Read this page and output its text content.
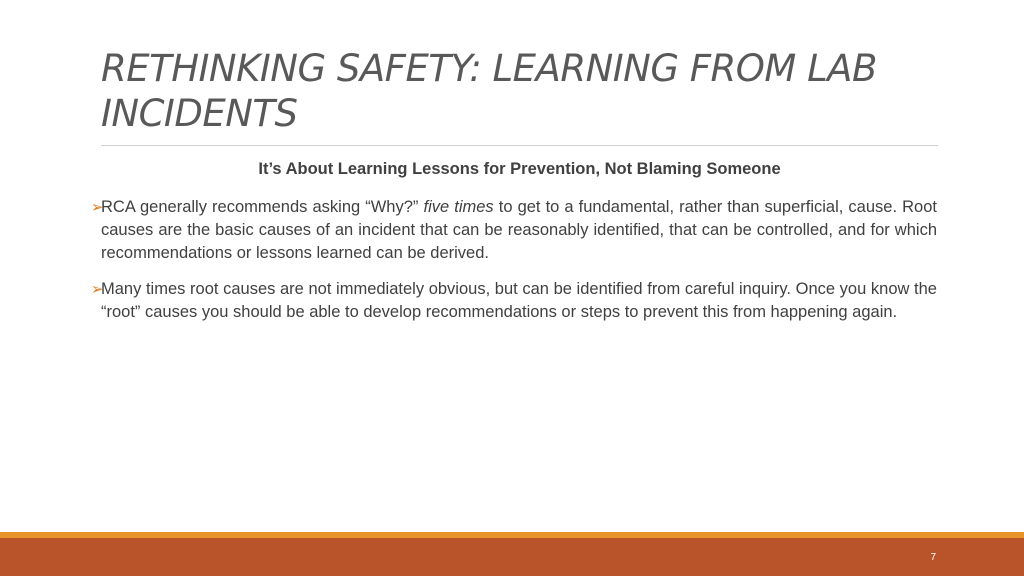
RETHINKING SAFETY: LEARNING FROM LAB INCIDENTS
It’s About Learning Lessons for Prevention, Not Blaming Someone
➢
RCA generally recommends asking “Why?” five times to get to a fundamental, rather than superficial, cause. Root causes are the basic causes of an incident that can be reasonably identified, that can be controlled, and for which recommendations or lessons learned can be derived.
➢
Many times root causes are not immediately obvious, but can be identified from careful inquiry. Once you know the “root” causes you should be able to develop recommendations or steps to prevent this from happening again.
7
